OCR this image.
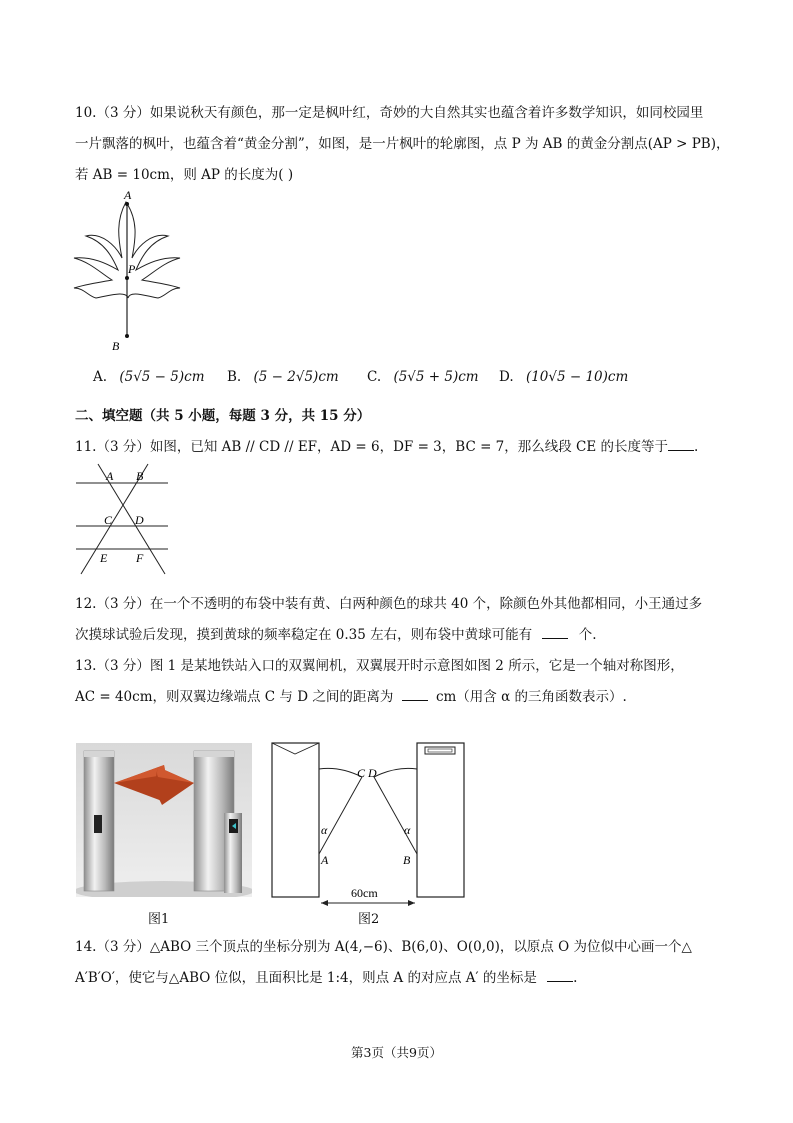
10.（3 分）如果说秋天有颜色，那一定是枫叶红，奇妙的大自然其实也蕴含着许多数学知识，如同校园里
一片飘落的枫叶，也蕴含着“黄金分割”，如图，是一片枫叶的轮廓图，点 P 为 AB 的黄金分割点(AP > PB)，
若 AB = 10cm，则 AP 的长度为( )
A
P
B
A. (5√5 − 5)cm B. (5 − 2√5)cm C. (5√5 + 5)cm D. (10√5 − 10)cm
二、填空题（共 5 小题，每题 3 分，共 15 分）
11.（3 分）如图，已知 AB // CD // EF，AD = 6，DF = 3，BC = 7，那么线段 CE 的长度等于 .
A B
C D
E F
12.（3 分）在一个不透明的布袋中装有黄、白两种颜色的球共 40 个，除颜色外其他都相同，小王通过多
次摸球试验后发现，摸到黄球的频率稳定在 0.35 左右，则布袋中黄球可能有	个.
13.（3 分）图 1 是某地铁站入口的双翼闸机，双翼展开时示意图如图 2 所示，它是一个轴对称图形，
AC = 40cm，则双翼边缘端点 C 与 D 之间的距离为	cm（用含 α 的三角函数表示）.
图1
C D
α	α
A	B
60cm
图2
14.（3 分）△ABO 三个顶点的坐标分别为 A(4,−6)、B(6,0)、O(0,0)，以原点 O 为位似中心画一个△
A′B′O′，使它与△ABO 位似，且面积比是 1:4，则点 A 的对应点 A′ 的坐标是	.
第3页（共9页）
